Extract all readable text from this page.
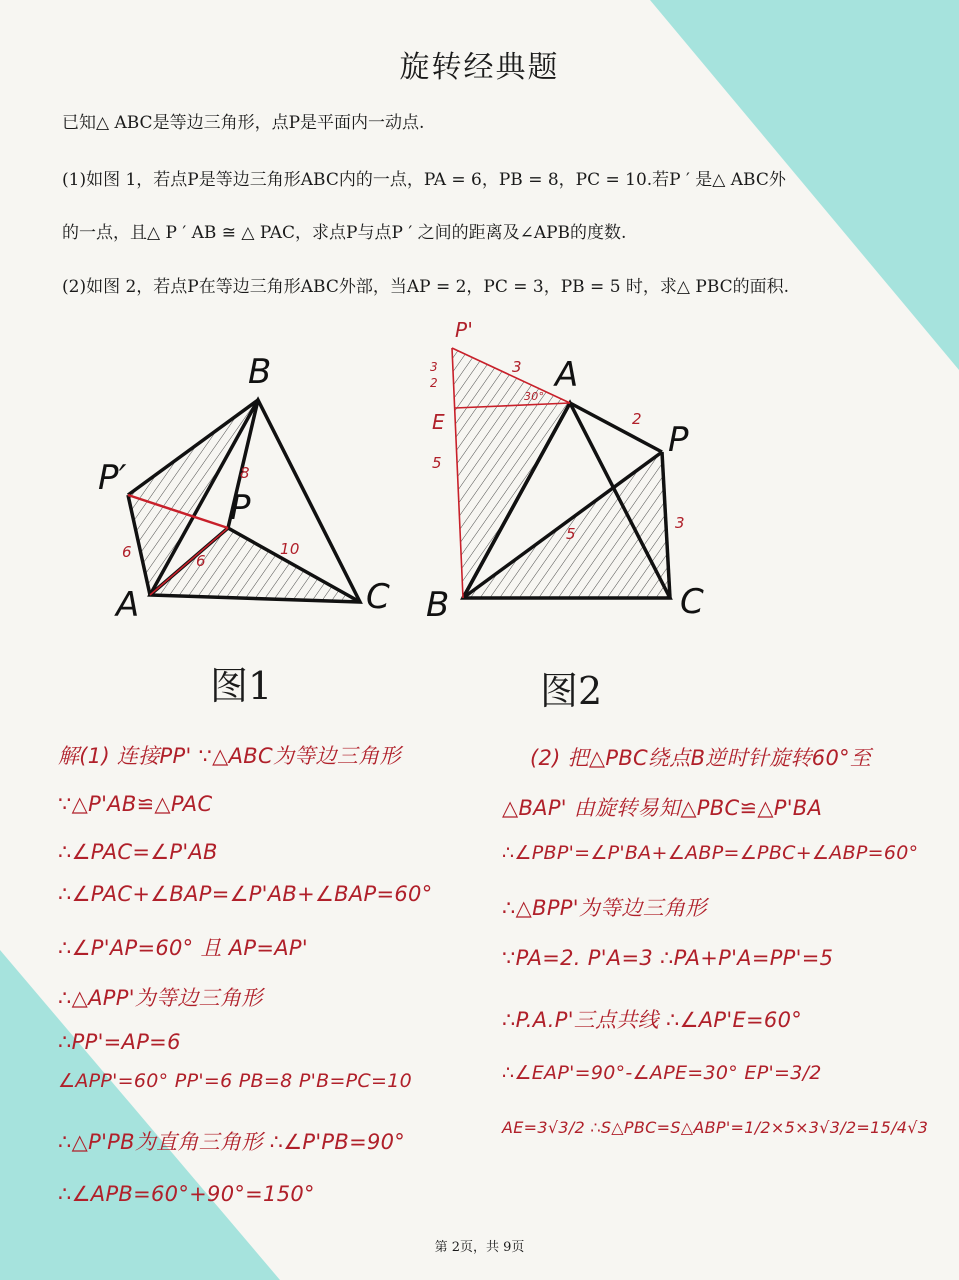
旋转经典题
已知△ ABC是等边三角形，点P是平面内一动点.
(1)如图 1，若点P是等边三角形ABC内的一点，PA = 6，PB = 8，PC = 10.若P ′ 是△ ABC外
的一点，且△ P ′ AB ≅ △ PAC，求点P与点P ′ 之间的距离及∠APB的度数.
(2)如图 2，若点P在等边三角形ABC外部，当AP = 2，PC = 3，PB = 5 时，求△ PBC的面积.
B
P′
P
A	C
8
6
10
6
图1
P'
A
P
E
B	C
3
2
3
30°
2
5
3
5
图2
解(1) 连接PP' ∵△ABC为等边三角形
∵△P'AB≌△PAC
∴∠PAC=∠P'AB
∴∠PAC+∠BAP=∠P'AB+∠BAP=60°
∴∠P'AP=60° 且 AP=AP'
∴△APP'为等边三角形
∴PP'=AP=6
∠APP'=60° PP'=6 PB=8 P'B=PC=10
∴△P'PB为直角三角形 ∴∠P'PB=90°
∴∠APB=60°+90°=150°
(2) 把△PBC绕点B逆时针旋转60°至
△BAP' 由旋转易知△PBC≌△P'BA
∴∠PBP'=∠P'BA+∠ABP=∠PBC+∠ABP=60°
∴△BPP'为等边三角形
∵PA=2. P'A=3 ∴PA+P'A=PP'=5
∴P.A.P'三点共线 ∴∠AP'E=60°
∴∠EAP'=90°-∠APE=30° EP'=3/2
AE=3√3/2 ∴S△PBC=S△ABP'=1/2×5×3√3/2=15/4√3
第 2页，共 9页
